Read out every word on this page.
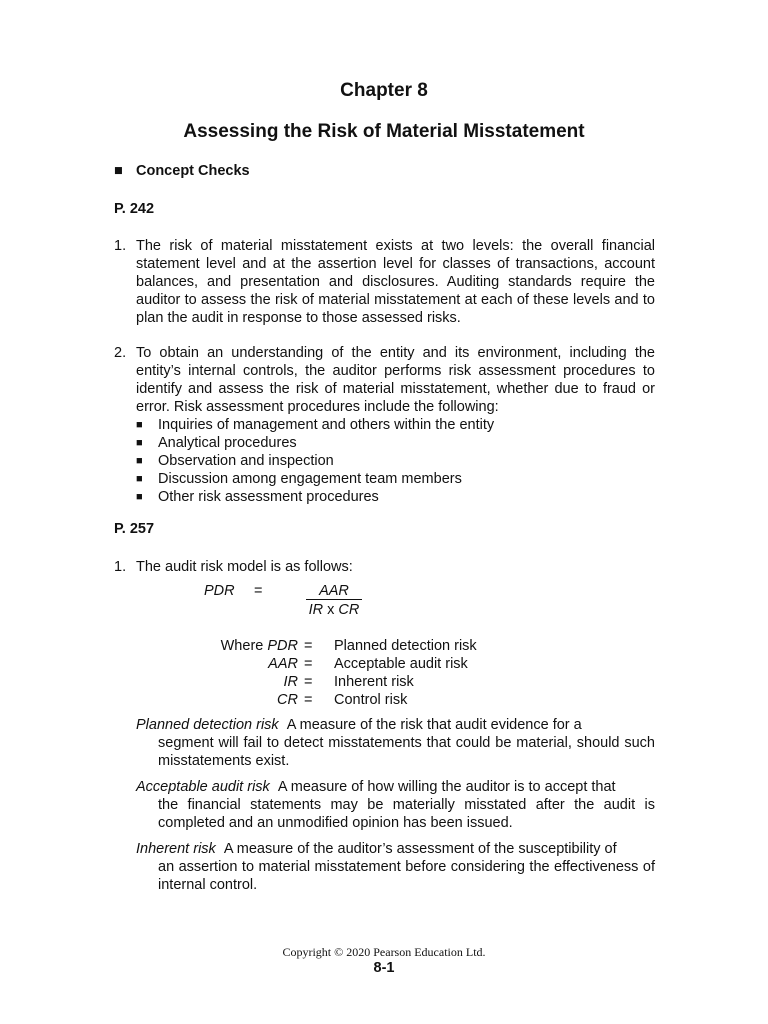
Chapter 8
Assessing the Risk of Material Misstatement
■ Concept Checks
P. 242
1. The risk of material misstatement exists at two levels: the overall financial statement level and at the assertion level for classes of transactions, account balances, and presentation and disclosures. Auditing standards require the auditor to assess the risk of material misstatement at each of these levels and to plan the audit in response to those assessed risks.
2. To obtain an understanding of the entity and its environment, including the entity’s internal controls, the auditor performs risk assessment procedures to identify and assess the risk of material misstatement, whether due to fraud or error. Risk assessment procedures include the following:
■ Inquiries of management and others within the entity
■ Analytical procedures
■ Observation and inspection
■ Discussion among engagement team members
■ Other risk assessment procedures
P. 257
1. The audit risk model is as follows:
PDR =	AAR
IR x CR
Where PDR = Planned detection risk
AAR = Acceptable audit risk
IR = Inherent risk
CR = Control risk
Planned detection risk A measure of the risk that audit evidence for a
segment will fail to detect misstatements that could be material, should such misstatements exist.
Acceptable audit risk A measure of how willing the auditor is to accept that
the financial statements may be materially misstated after the audit is completed and an unmodified opinion has been issued.
Inherent risk A measure of the auditor’s assessment of the susceptibility of
an assertion to material misstatement before considering the effectiveness of internal control.
Copyright © 2020 Pearson Education Ltd.
8-1
